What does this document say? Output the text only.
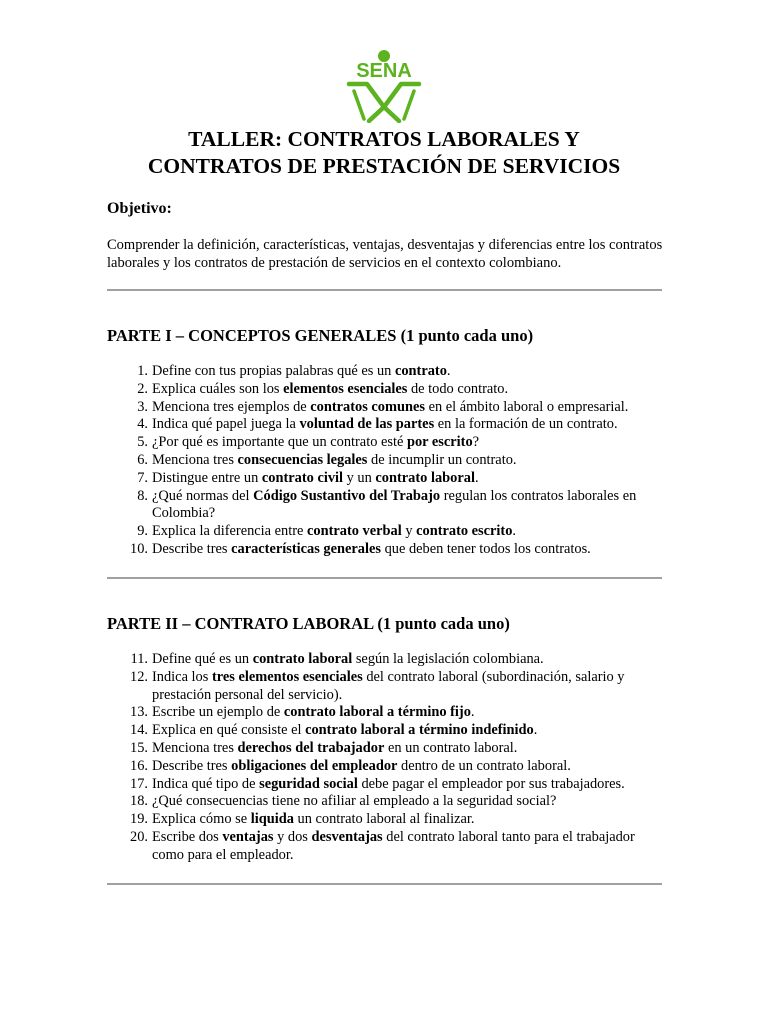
SENA
TALLER: CONTRATOS LABORALES Y
CONTRATOS DE PRESTACIÓN DE SERVICIOS

Objetivo:

Comprender la definición, características, ventajas, desventajas y diferencias entre los contratos laborales y los contratos de prestación de servicios en el contexto colombiano.

PARTE I – CONCEPTOS GENERALES (1 punto cada uno)
1. Define con tus propias palabras qué es un contrato.
2. Explica cuáles son los elementos esenciales de todo contrato.
3. Menciona tres ejemplos de contratos comunes en el ámbito laboral o empresarial.
4. Indica qué papel juega la voluntad de las partes en la formación de un contrato.
5. ¿Por qué es importante que un contrato esté por escrito?
6. Menciona tres consecuencias legales de incumplir un contrato.
7. Distingue entre un contrato civil y un contrato laboral.
8. ¿Qué normas del Código Sustantivo del Trabajo regulan los contratos laborales en Colombia?
9. Explica la diferencia entre contrato verbal y contrato escrito.
10. Describe tres características generales que deben tener todos los contratos.
PARTE II – CONTRATO LABORAL (1 punto cada uno)
11. Define qué es un contrato laboral según la legislación colombiana.
12. Indica los tres elementos esenciales del contrato laboral (subordinación, salario y prestación personal del servicio).
13. Escribe un ejemplo de contrato laboral a término fijo.
14. Explica en qué consiste el contrato laboral a término indefinido.
15. Menciona tres derechos del trabajador en un contrato laboral.
16. Describe tres obligaciones del empleador dentro de un contrato laboral.
17. Indica qué tipo de seguridad social debe pagar el empleador por sus trabajadores.
18. ¿Qué consecuencias tiene no afiliar al empleado a la seguridad social?
19. Explica cómo se liquida un contrato laboral al finalizar.
20. Escribe dos ventajas y dos desventajas del contrato laboral tanto para el trabajador como para el empleador.
